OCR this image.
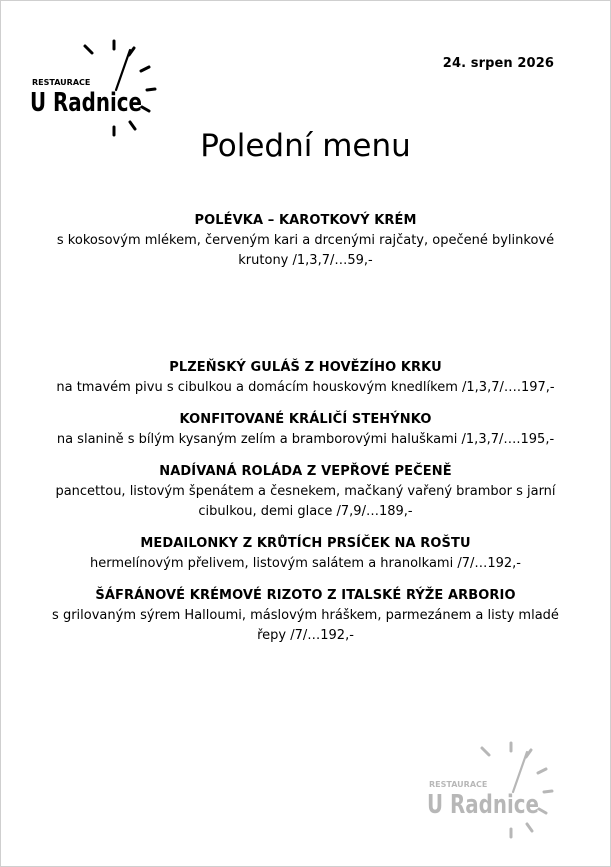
RESTAURACE
U Radnice
24. srpen 2026
Polední menu
POLÉVKA – KAROTKOVÝ KRÉM
s kokosovým mlékem, červeným kari a drcenými rajčaty, opečené bylinkové krutony /1,3,7/…59,-
PLZEŇSKÝ GULÁŠ Z HOVĚZÍHO KRKU
na tmavém pivu s cibulkou a domácím houskovým knedlíkem /1,3,7/….197,-
KONFITOVANÉ KRÁLIČÍ STEHÝNKO
na slanině s bílým kysaným zelím a bramborovými haluškami /1,3,7/….195,-
NADÍVANÁ ROLÁDA Z VEPŘOVÉ PEČENĚ
pancettou, listovým špenátem a česnekem, mačkaný vařený brambor s jarní cibulkou, demi glace /7,9/…189,-
MEDAILONKY Z KRŮTÍCH PRSÍČEK NA ROŠTU
hermelínovým přelivem, listovým salátem a hranolkami /7/…192,-
ŠÁFRÁNOVÉ KRÉMOVÉ RIZOTO Z ITALSKÉ RÝŽE ARBORIO
s grilovaným sýrem Halloumi, máslovým hráškem, parmezánem a listy mladé řepy /7/…192,-
RESTAURACE
U Radnice
